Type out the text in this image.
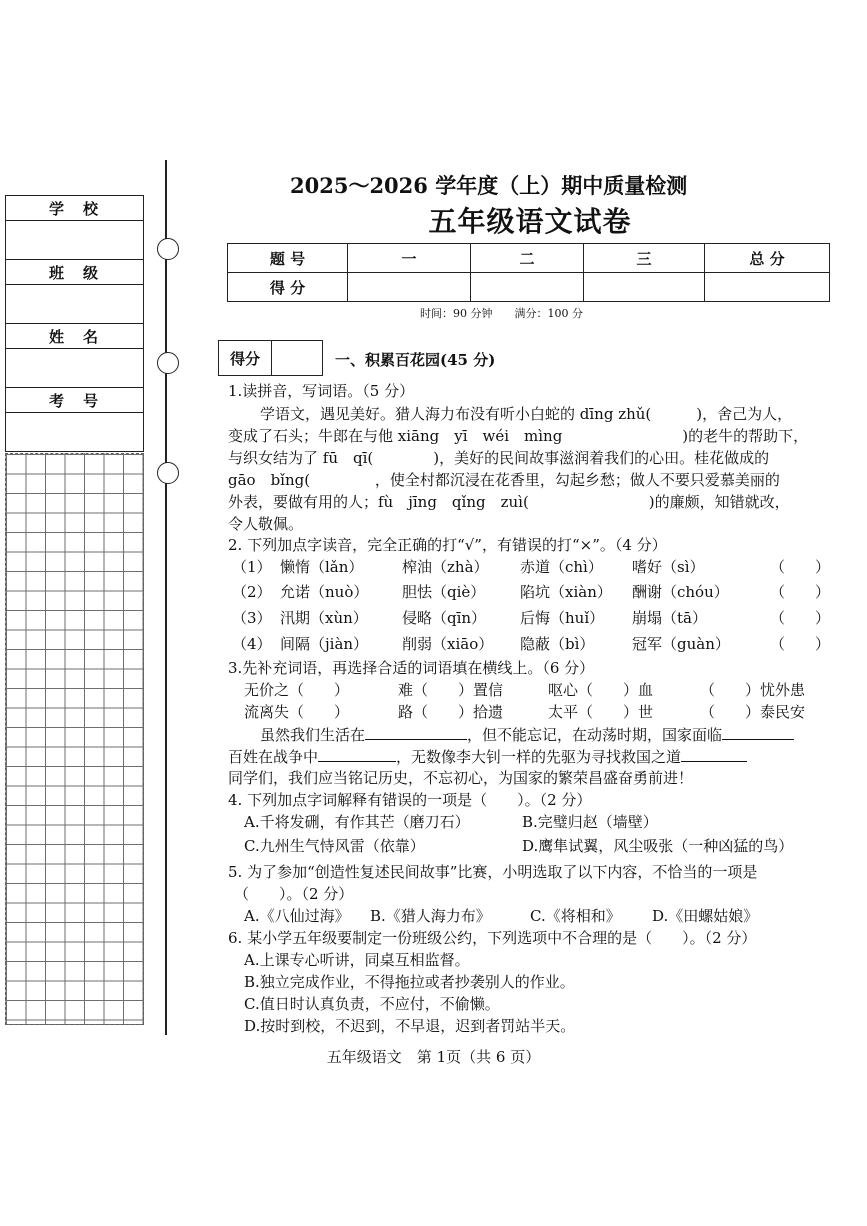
学　校
班　级
姓　名
考　号
2025～2026 学年度（上）期中质量检测
五年级语文试卷
题 号	一	二	三	总 分
得 分				
时间：90 分钟　　满分：100 分
得分		一、积累百花园(45 分)
1.读拼音，写词语。（5 分）
学语文，遇见美好。猎人海力布没有听小白蛇的 dīng zhǔ(　　　)，舍己为人，
变成了石头；牛郎在与他 xiāng　yī　wéi　mìng　　　　　　　　)的老牛的帮助下，
与织女结为了 fū　qī(　　　　)，美好的民间故事滋润着我们的心田。桂花做成的
gāo　bǐng(　　　　 ，使全村都沉浸在花香里，勾起乡愁；做人不要只爱慕美丽的
外表，要做有用的人；fù　jīng　qǐng　zuì(　　　　　　　　)的廉颇，知错就改，
令人敬佩。
2. 下列加点字读音，完全正确的打“√”，有错误的打“×”。（4 分）
（1） 懒惰（lǎn）	榨油（zhà） 赤道（chì） 嗜好（sì）	（　　）
（2） 允诺（nuò） 胆怯（qiè） 陷坑（xiàn） 酬谢（chóu）	（　　）
（3） 汛期（xùn） 侵略（qīn） 后悔（huǐ） 崩塌（tā）	（　　）
（4） 间隔（jiàn） 削弱（xiāo） 隐蔽（bì）	冠军（guàn）	（　　）
3.先补充词语，再选择合适的词语填在横线上。（6 分）
无价之（　　）	难（　　）置信	呕心（　　）血	（　　）忧外患
流离失（　　）	路（　　）拾遗	太平（　　）世	（　　）泰民安
虽然我们生活在	，但不能忘记，在动荡时期，国家面临
百姓在战争中	，无数像李大钊一样的先驱为寻找救国之道
同学们，我们应当铭记历史，不忘初心，为国家的繁荣昌盛奋勇前进！
4. 下列加点字词解释有错误的一项是（　　）。（2 分）
A.千将发硎，有作其芒（磨刀石）	B.完璧归赵（墙壁）
C.九州生气恃风雷（依靠）	D.鹰隼试翼，风尘吸张（一种凶猛的鸟）
5. 为了参加“创造性复述民间故事”比赛，小明选取了以下内容，不恰当的一项是
（　　）。（2 分）
A.《八仙过海》 B.《猎人海力布》	C.《将相和》 D.《田螺姑娘》
6. 某小学五年级要制定一份班级公约，下列选项中不合理的是（　　）。（2 分）
A.上课专心听讲，同桌互相监督。
B.独立完成作业，不得拖拉或者抄袭别人的作业。
C.值日时认真负责，不应付，不偷懒。
D.按时到校，不迟到，不早退，迟到者罚站半天。
五年级语文　第 1页（共 6 页）
